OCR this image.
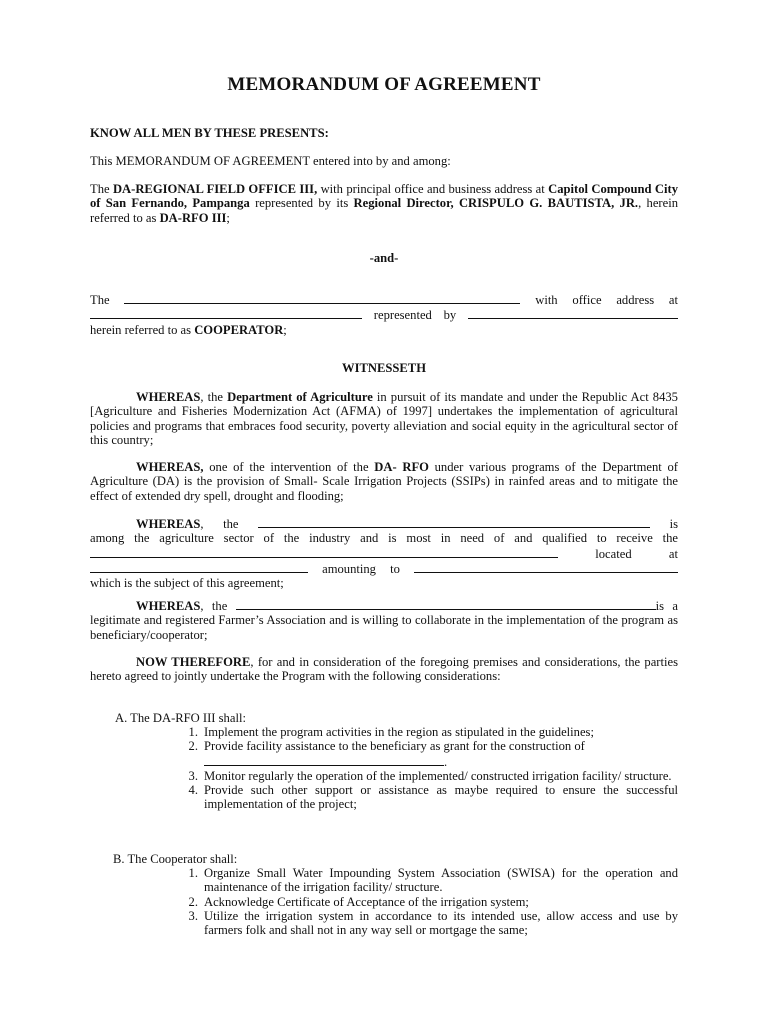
MEMORANDUM OF AGREEMENT
KNOW ALL MEN BY THESE PRESENTS:
This MEMORANDUM OF AGREEMENT entered into by and among:
The DA-REGIONAL FIELD OFFICE III, with principal office and business address at Capitol Compound City of San Fernando, Pampanga represented by its Regional Director, CRISPULO G. BAUTISTA, JR., herein referred to as DA-RFO III;
-and-
The	with office address at
represented by
herein referred to as COOPERATOR;
WITNESSETH
WHEREAS, the Department of Agriculture in pursuit of its mandate and under the Republic Act 8435 [Agriculture and Fisheries Modernization Act (AFMA) of 1997] undertakes the implementation of agricultural policies and programs that embraces food security, poverty alleviation and social equity in the agricultural sector of this country;
WHEREAS, one of the intervention of the DA- RFO under various programs of the Department of Agriculture (DA) is the provision of Small- Scale Irrigation Projects (SSIPs) in rainfed areas and to mitigate the effect of extended dry spell, drought and flooding;
WHEREAS, the	is
among the agriculture sector of the industry and is most in need of and qualified to receive the
located	at
amounting to
which is the subject of this agreement;
WHEREAS, the	is a
legitimate and registered Farmer’s Association and is willing to collaborate in the implementation of the program as beneficiary/cooperator;
NOW THEREFORE, for and in consideration of the foregoing premises and considerations, the parties hereto agreed to jointly undertake the Program with the following considerations:
A. The DA-RFO III shall:
1. Implement the program activities in the region as stipulated in the guidelines;
2. Provide facility assistance to the beneficiary as grant for the construction of
.
3. Monitor regularly the operation of the implemented/ constructed irrigation facility/ structure.
4. Provide such other support or assistance as maybe required to ensure the successful implementation of the project;
B. The Cooperator shall:
1. Organize Small Water Impounding System Association (SWISA) for the operation and maintenance of the irrigation facility/ structure.
2. Acknowledge Certificate of Acceptance of the irrigation system;
3. Utilize the irrigation system in accordance to its intended use, allow access and use by farmers folk and shall not in any way sell or mortgage the same;
